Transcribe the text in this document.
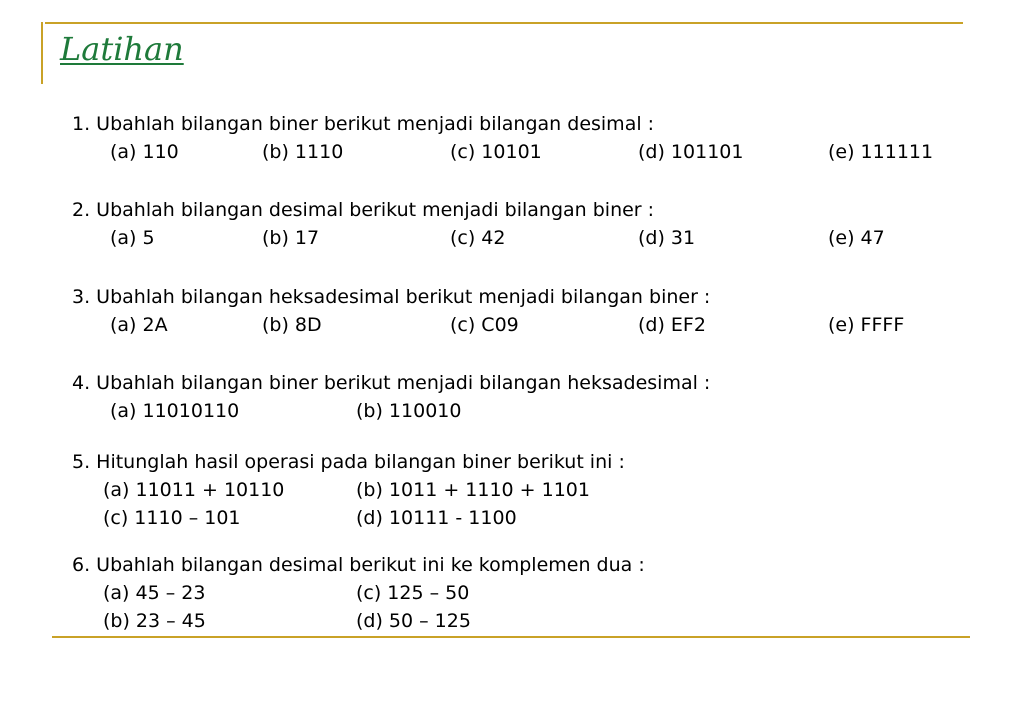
Latihan
1. Ubahlah bilangan biner berikut menjadi bilangan desimal :
(a) 110	(b) 1110	(c) 10101	(d) 101101	(e) 111111
2. Ubahlah bilangan desimal berikut menjadi bilangan biner :
(a) 5	(b) 17	(c) 42	(d) 31	(e) 47
3. Ubahlah bilangan heksadesimal berikut menjadi bilangan biner :
(a) 2A	(b) 8D	(c) C09	(d) EF2	(e) FFFF
4. Ubahlah bilangan biner berikut menjadi bilangan heksadesimal :
(a) 11010110	(b) 110010
5. Hitunglah hasil operasi pada bilangan biner berikut ini :
(a) 11011 + 10110	(b) 1011 + 1110 + 1101
(c) 1110 – 101	(d) 10111 - 1100
6. Ubahlah bilangan desimal berikut ini ke komplemen dua :
(a) 45 – 23	(c) 125 – 50
(b) 23 – 45	(d) 50 – 125
